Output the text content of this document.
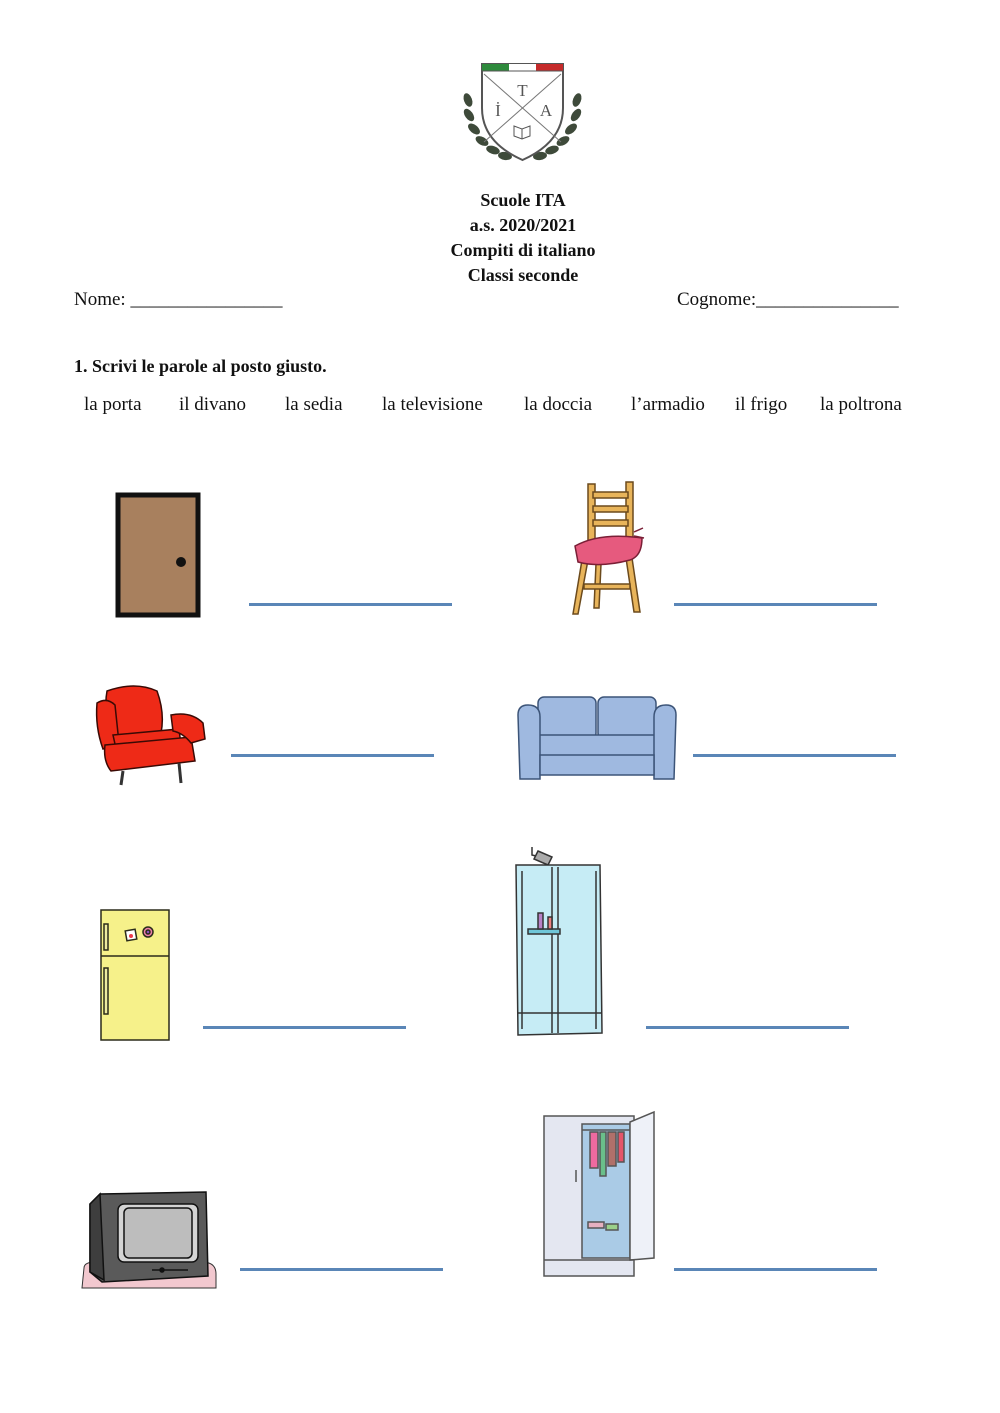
T
İ A
Scuole ITA
a.s. 2020/2021
Compiti di italiano
Classi seconde
Nome: ________________	Cognome:_______________
1. Scrivi le parole al posto giusto.
la porta il divano la sedia la televisione la doccia l’armadio il frigo la poltrona
